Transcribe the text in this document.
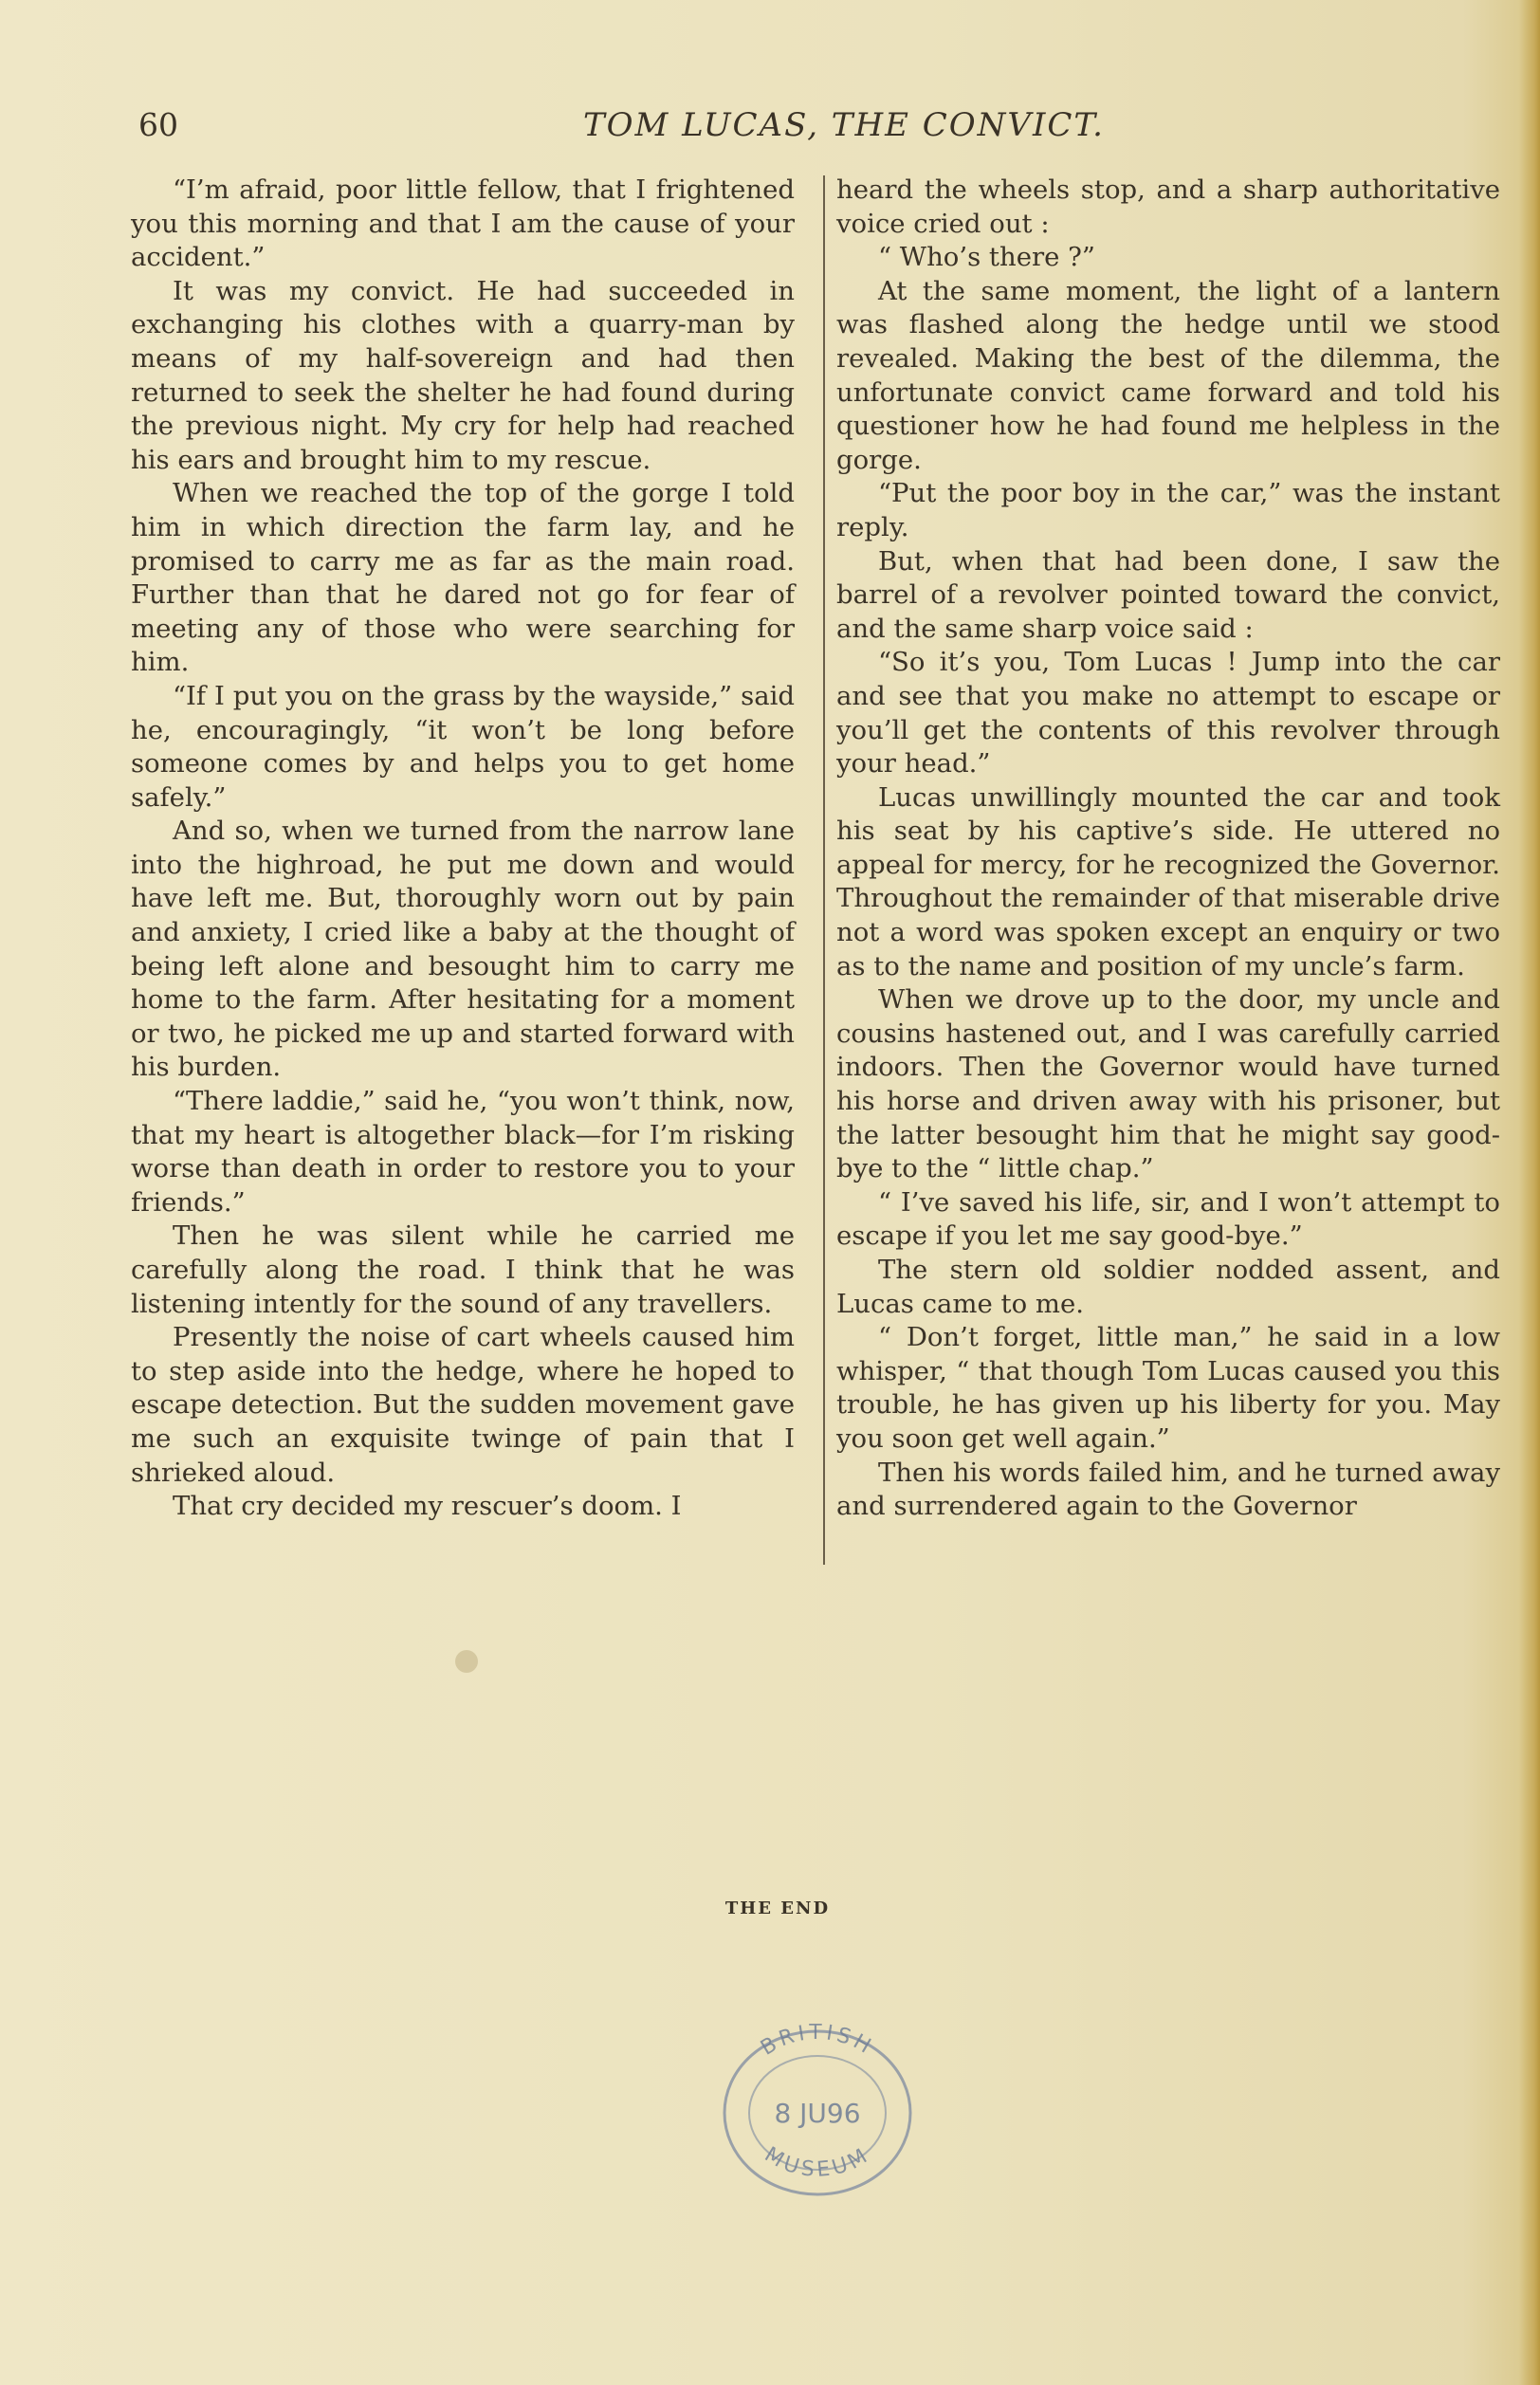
60	TOM LUCAS, THE CONVICT.

“I’m afraid, poor little fellow, that I frightened you this morning and that I am the cause of your accident.”

It was my convict. He had succeeded in exchanging his clothes with a quarry-man by means of my half-sovereign and had then returned to seek the shelter he had found during the previous night. My cry for help had reached his ears and brought him to my rescue.

When we reached the top of the gorge I told him in which direction the farm lay, and he promised to carry me as far as the main road. Further than that he dared not go for fear of meeting any of those who were searching for him.

“If I put you on the grass by the wayside,” said he, encouragingly, “it won’t be long before someone comes by and helps you to get home safely.”

And so, when we turned from the narrow lane into the highroad, he put me down and would have left me. But, thoroughly worn out by pain and anxiety, I cried like a baby at the thought of being left alone and besought him to carry me home to the farm. After hesitating for a moment or two, he picked me up and started forward with his burden.

“There laddie,” said he, “you won’t think, now, that my heart is altogether black—for I’m risking worse than death in order to restore you to your friends.”

Then he was silent while he carried me carefully along the road. I think that he was listening intently for the sound of any travellers.

Presently the noise of cart wheels caused him to step aside into the hedge, where he hoped to escape detection. But the sudden movement gave me such an exquisite twinge of pain that I shrieked aloud.

That cry decided my rescuer’s doom. I

heard the wheels stop, and a sharp authoritative voice cried out :

“ Who’s there ?”

At the same moment, the light of a lantern was flashed along the hedge until we stood revealed. Making the best of the dilemma, the unfortunate convict came forward and told his questioner how he had found me helpless in the gorge.

“Put the poor boy in the car,” was the instant reply.

But, when that had been done, I saw the barrel of a revolver pointed toward the convict, and the same sharp voice said :

“So it’s you, Tom Lucas ! Jump into the car and see that you make no attempt to escape or you’ll get the contents of this revolver through your head.”

Lucas unwillingly mounted the car and took his seat by his captive’s side. He uttered no appeal for mercy, for he recognized the Governor. Throughout the remainder of that miserable drive not a word was spoken except an enquiry or two as to the name and position of my uncle’s farm.

When we drove up to the door, my uncle and cousins hastened out, and I was carefully carried indoors. Then the Governor would have turned his horse and driven away with his prisoner, but the latter besought him that he might say good-bye to the “ little chap.”

“ I’ve saved his life, sir, and I won’t attempt to escape if you let me say good-bye.”

The stern old soldier nodded assent, and Lucas came to me.

“ Don’t forget, little man,” he said in a low whisper, “ that though Tom Lucas caused you this trouble, he has given up his liberty for you. May you soon get well again.”

Then his words failed him, and he turned away and surrendered again to the Governor

THE END
BRITISH
8 JU96
MUSEUM
